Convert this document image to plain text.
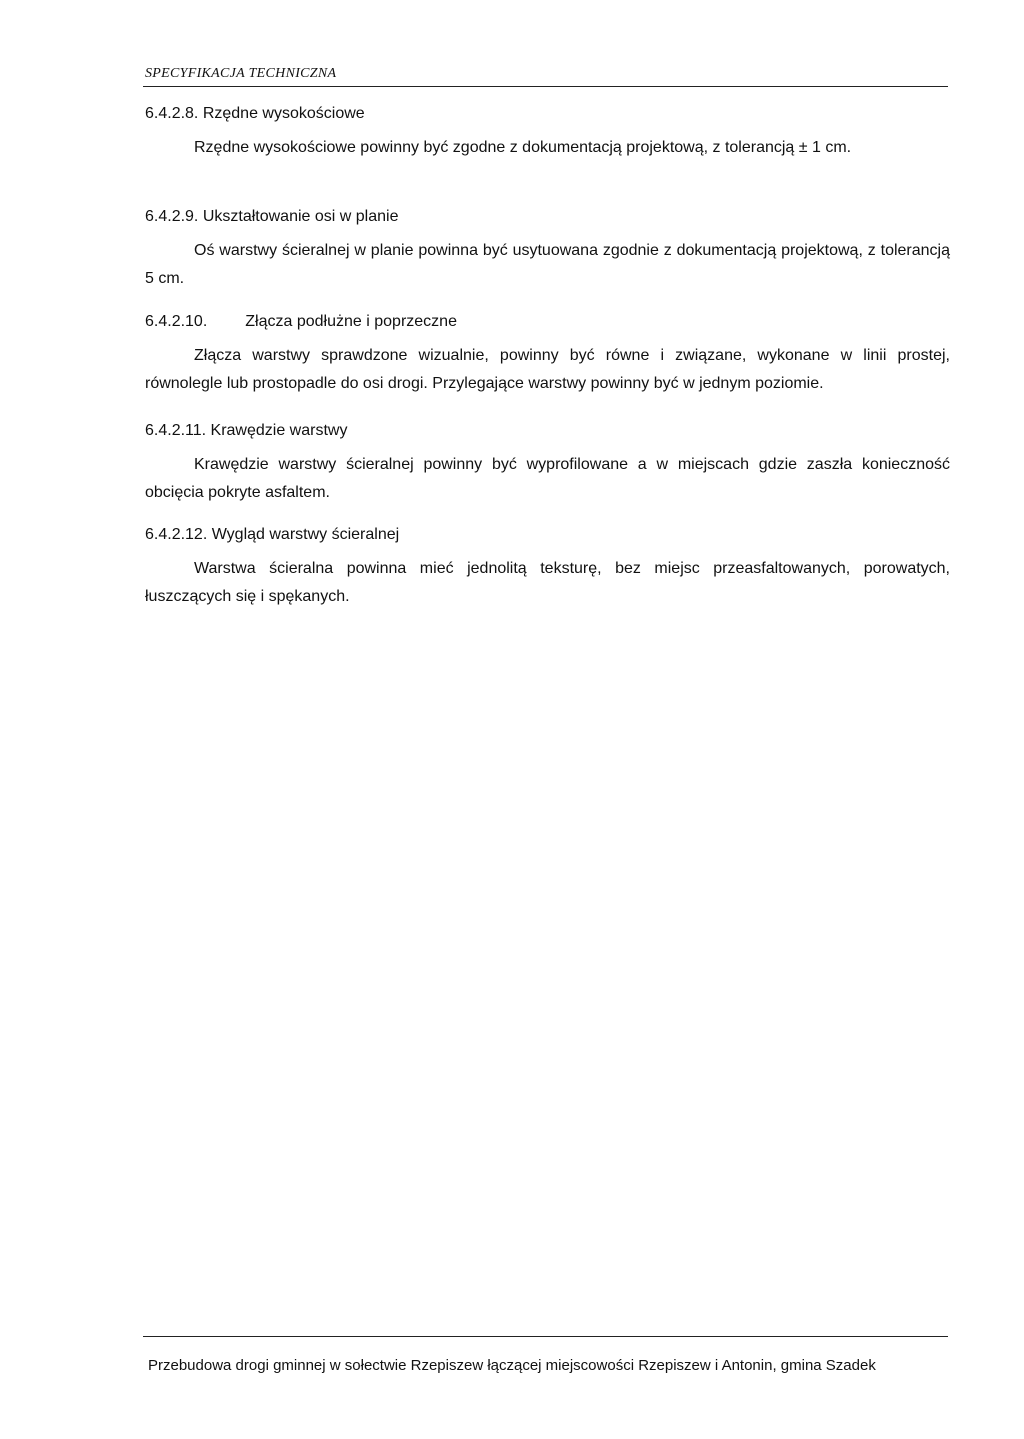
SPECYFIKACJA TECHNICZNA
6.4.2.8. Rzędne wysokościowe
Rzędne wysokościowe powinny być zgodne z dokumentacją projektową, z tolerancją ± 1 cm.
6.4.2.9. Ukształtowanie osi w planie
Oś warstwy ścieralnej w planie powinna być usytuowana zgodnie z dokumentacją projektową, z tolerancją 5 cm.
6.4.2.10. Złącza podłużne i poprzeczne
Złącza warstwy sprawdzone wizualnie, powinny być równe i związane, wykonane w linii prostej, równolegle lub prostopadle do osi drogi. Przylegające warstwy powinny być w jednym poziomie.
6.4.2.11. Krawędzie warstwy
Krawędzie warstwy ścieralnej powinny być wyprofilowane a w miejscach gdzie zaszła konieczność obcięcia pokryte asfaltem.
6.4.2.12. Wygląd warstwy ścieralnej
Warstwa ścieralna powinna mieć jednolitą teksturę, bez miejsc przeasfaltowanych, porowatych, łuszczących się i spękanych.
Przebudowa drogi gminnej w sołectwie Rzepiszew łączącej miejscowości Rzepiszew i Antonin, gmina Szadek
